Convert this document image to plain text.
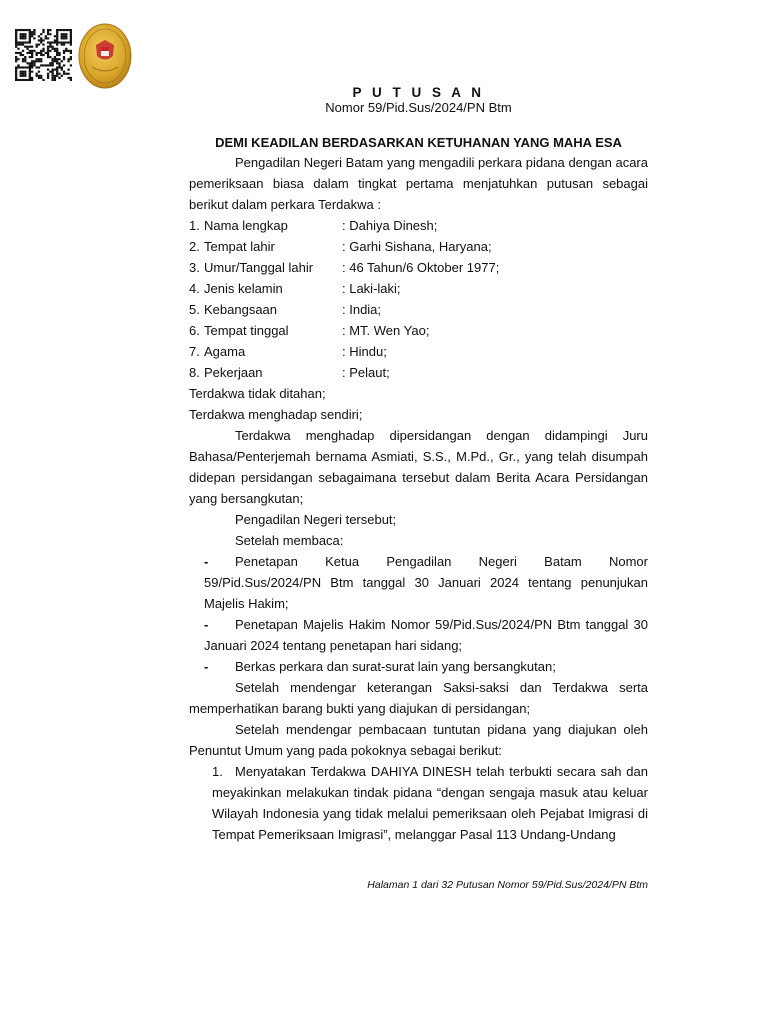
P U T U S A N
Nomor 59/Pid.Sus/2024/PN Btm
DEMI KEADILAN BERDASARKAN KETUHANAN YANG MAHA ESA

Pengadilan Negeri Batam yang mengadili perkara pidana dengan acara pemeriksaan biasa dalam tingkat pertama menjatuhkan putusan sebagai berikut dalam perkara Terdakwa :

1. Nama lengkap	: Dahiya Dinesh;
2. Tempat lahir	: Garhi Sishana, Haryana;
3. Umur/Tanggal lahir	: 46 Tahun/6 Oktober 1977;
4. Jenis kelamin	: Laki-laki;
5. Kebangsaan	: India;
6. Tempat tinggal	: MT. Wen Yao;
7. Agama	: Hindu;
8. Pekerjaan	: Pelaut;

Terdakwa tidak ditahan;

Terdakwa menghadap sendiri;

Terdakwa menghadap dipersidangan dengan didampingi Juru Bahasa/Penterjemah bernama Asmiati, S.S., M.Pd., Gr., yang telah disumpah didepan persidangan sebagaimana tersebut dalam Berita Acara Persidangan yang bersangkutan;

Pengadilan Negeri tersebut;

Setelah membaca:

-	Penetapan Ketua Pengadilan Negeri Batam Nomor 59/Pid.Sus/2024/PN Btm tanggal 30 Januari 2024 tentang penunjukan Majelis Hakim;
-	Penetapan Majelis Hakim Nomor 59/Pid.Sus/2024/PN Btm tanggal 30 Januari 2024 tentang penetapan hari sidang;
-	Berkas perkara dan surat-surat lain yang bersangkutan;

Setelah mendengar keterangan Saksi-saksi dan Terdakwa serta memperhatikan barang bukti yang diajukan di persidangan;

Setelah mendengar pembacaan tuntutan pidana yang diajukan oleh Penuntut Umum yang pada pokoknya sebagai berikut:

1. Menyatakan Terdakwa DAHIYA DINESH telah terbukti secara sah dan meyakinkan melakukan tindak pidana “dengan sengaja masuk atau keluar Wilayah Indonesia yang tidak melalui pemeriksaan oleh Pejabat Imigrasi di Tempat Pemeriksaan Imigrasi”, melanggar Pasal 113 Undang-Undang
Halaman 1 dari 32 Putusan Nomor 59/Pid.Sus/2024/PN Btm
